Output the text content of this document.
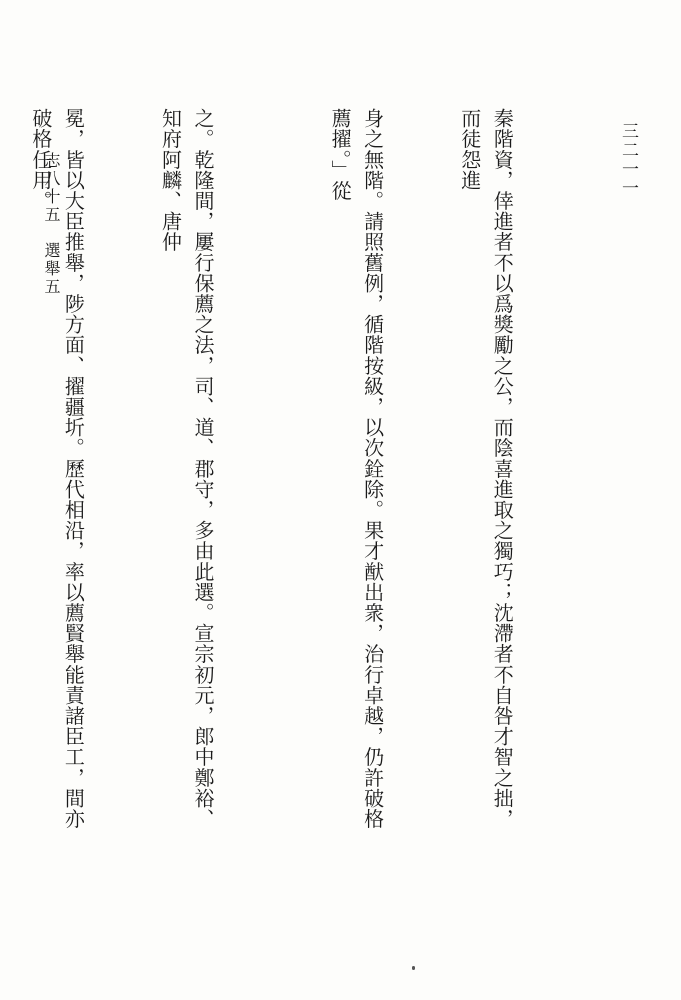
三二一一

秦階資，倖進者不以爲獎勵之公，而陰喜進取之獨巧；沈滯者不自咎才智之拙，而徒怨進

身之無階。請照舊例，循階按級，以次銓除。果才猷出衆，治行卓越，仍許破格薦擢。」從

之。乾隆間，屢行保薦之法，司、道、郡守，多由此選。宣宗初元，郎中鄭裕、知府阿麟、唐仲

冕，皆以大臣推舉，陟方面、擢疆圻。歷代相沿，率以薦賢舉能責諸臣工，間亦破格任用。

志八十五　選舉五
